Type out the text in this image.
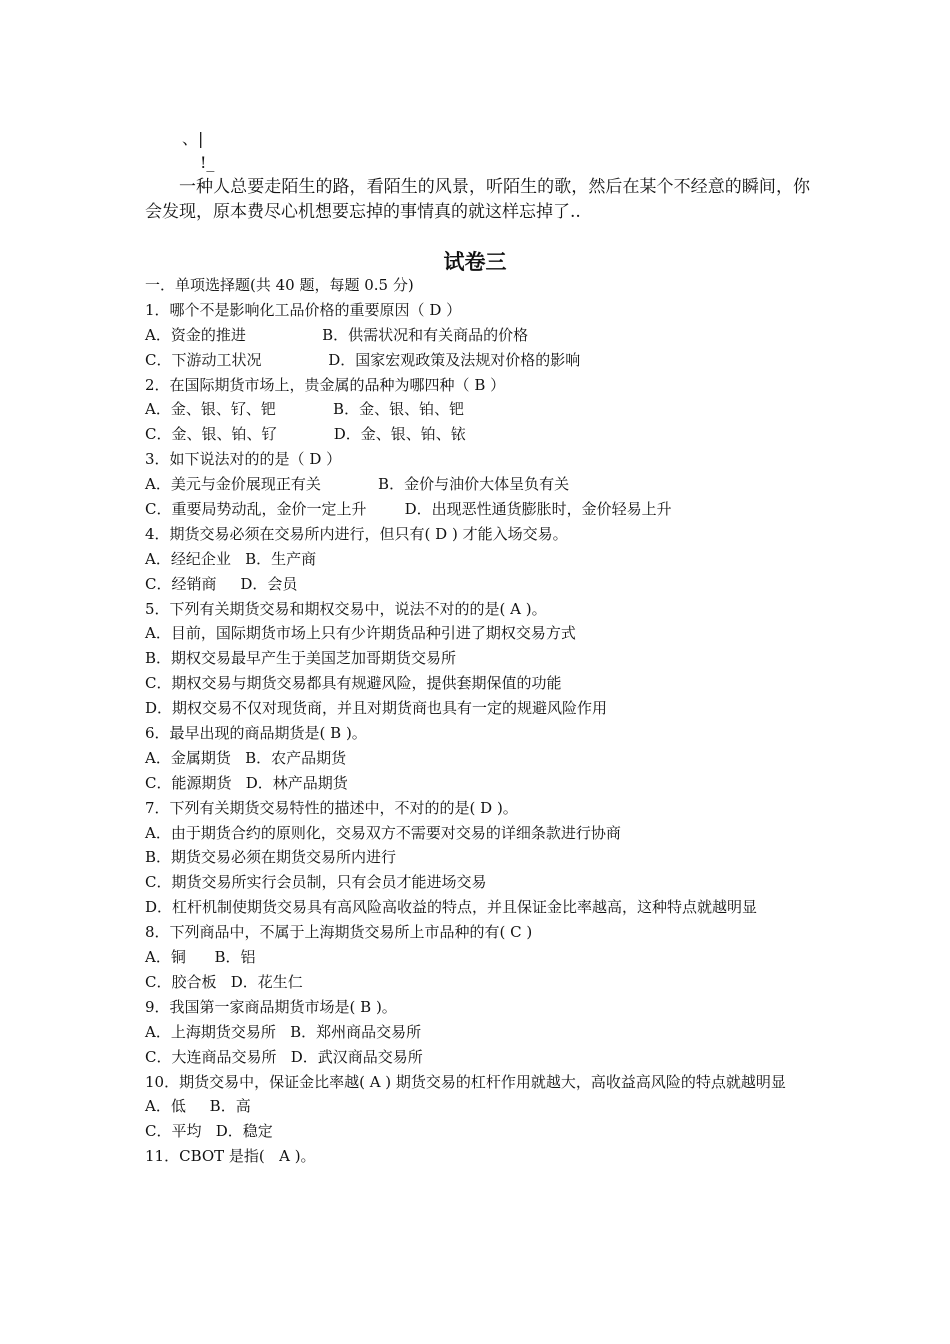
、|
!_
一种人总要走陌生的路，看陌生的风景，听陌生的歌，然后在某个不经意的瞬间，你会发现，原本费尽心机想要忘掉的事情真的就这样忘掉了..
试卷三
一．单项选择题(共 40 题，每题 0.5 分)
1．哪个不是影响化工品价格的重要原因（ D ）
A．资金的推进                B．供需状况和有关商品的价格
C．下游动工状况              D．国家宏观政策及法规对价格的影响
2．在国际期货市场上，贵金属的品种为哪四种（ B ）
A．金、银、钌、钯            B．金、银、铂、钯
C．金、银、铂、钌            D．金、银、铂、铱
3．如下说法对的的是（ D ）
A．美元与金价展现正有关            B．金价与油价大体呈负有关
C．重要局势动乱，金价一定上升        D．出现恶性通货膨胀时，金价轻易上升
4．期货交易必须在交易所内进行，但只有( D ) 才能入场交易。
A．经纪企业   B．生产商
C．经销商     D．会员
5．下列有关期货交易和期权交易中，说法不对的的是( A )。
A．目前，国际期货市场上只有少许期货品种引进了期权交易方式
B．期权交易最早产生于美国芝加哥期货交易所
C．期权交易与期货交易都具有规避风险，提供套期保值的功能
D．期权交易不仅对现货商，并且对期货商也具有一定的规避风险作用
6．最早出现的商品期货是( B )。
A．金属期货   B．农产品期货
C．能源期货   D．林产品期货
7．下列有关期货交易特性的描述中，不对的的是( D )。
A．由于期货合约的原则化，交易双方不需要对交易的详细条款进行协商
B．期货交易必须在期货交易所内进行
C．期货交易所实行会员制，只有会员才能进场交易
D．杠杆机制使期货交易具有高风险高收益的特点，并且保证金比率越高，这种特点就越明显
8．下列商品中，不属于上海期货交易所上市品种的有( C )
A．铜      B．铝
C．胶合板   D．花生仁
9．我国第一家商品期货市场是( B )。
A．上海期货交易所   B．郑州商品交易所
C．大连商品交易所   D．武汉商品交易所
10．期货交易中，保证金比率越( A ) 期货交易的杠杆作用就越大，高收益高风险的特点就越明显
A．低     B．高
C．平均   D．稳定
11．CBOT 是指(   A )。
